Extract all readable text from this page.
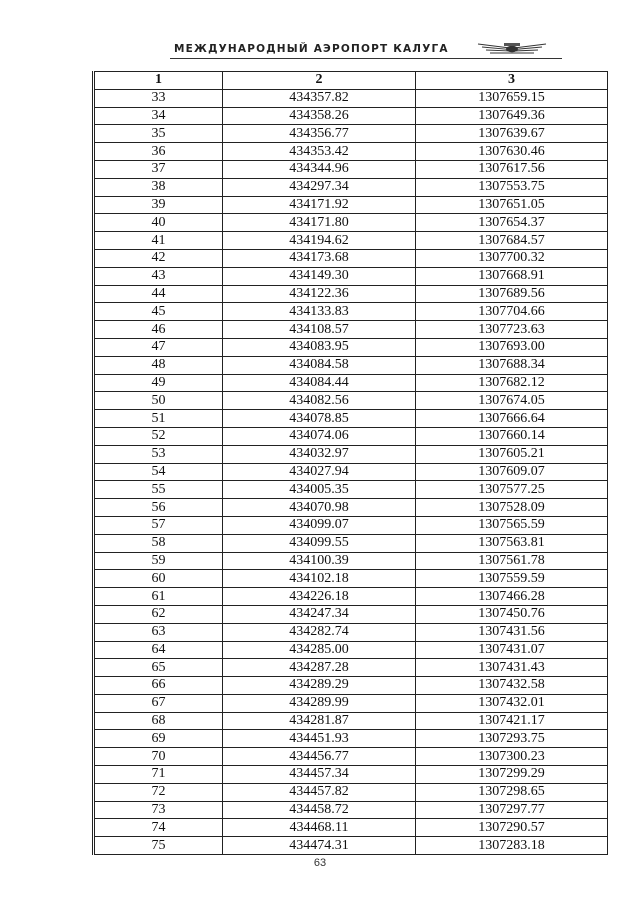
МЕЖДУНАРОДНЫЙ АЭРОПОРТ КАЛУГА
1	2	3
33	434357.82	1307659.15
34	434358.26	1307649.36
35	434356.77	1307639.67
36	434353.42	1307630.46
37	434344.96	1307617.56
38	434297.34	1307553.75
39	434171.92	1307651.05
40	434171.80	1307654.37
41	434194.62	1307684.57
42	434173.68	1307700.32
43	434149.30	1307668.91
44	434122.36	1307689.56
45	434133.83	1307704.66
46	434108.57	1307723.63
47	434083.95	1307693.00
48	434084.58	1307688.34
49	434084.44	1307682.12
50	434082.56	1307674.05
51	434078.85	1307666.64
52	434074.06	1307660.14
53	434032.97	1307605.21
54	434027.94	1307609.07
55	434005.35	1307577.25
56	434070.98	1307528.09
57	434099.07	1307565.59
58	434099.55	1307563.81
59	434100.39	1307561.78
60	434102.18	1307559.59
61	434226.18	1307466.28
62	434247.34	1307450.76
63	434282.74	1307431.56
64	434285.00	1307431.07
65	434287.28	1307431.43
66	434289.29	1307432.58
67	434289.99	1307432.01
68	434281.87	1307421.17
69	434451.93	1307293.75
70	434456.77	1307300.23
71	434457.34	1307299.29
72	434457.82	1307298.65
73	434458.72	1307297.77
74	434468.11	1307290.57
75	434474.31	1307283.18
63
